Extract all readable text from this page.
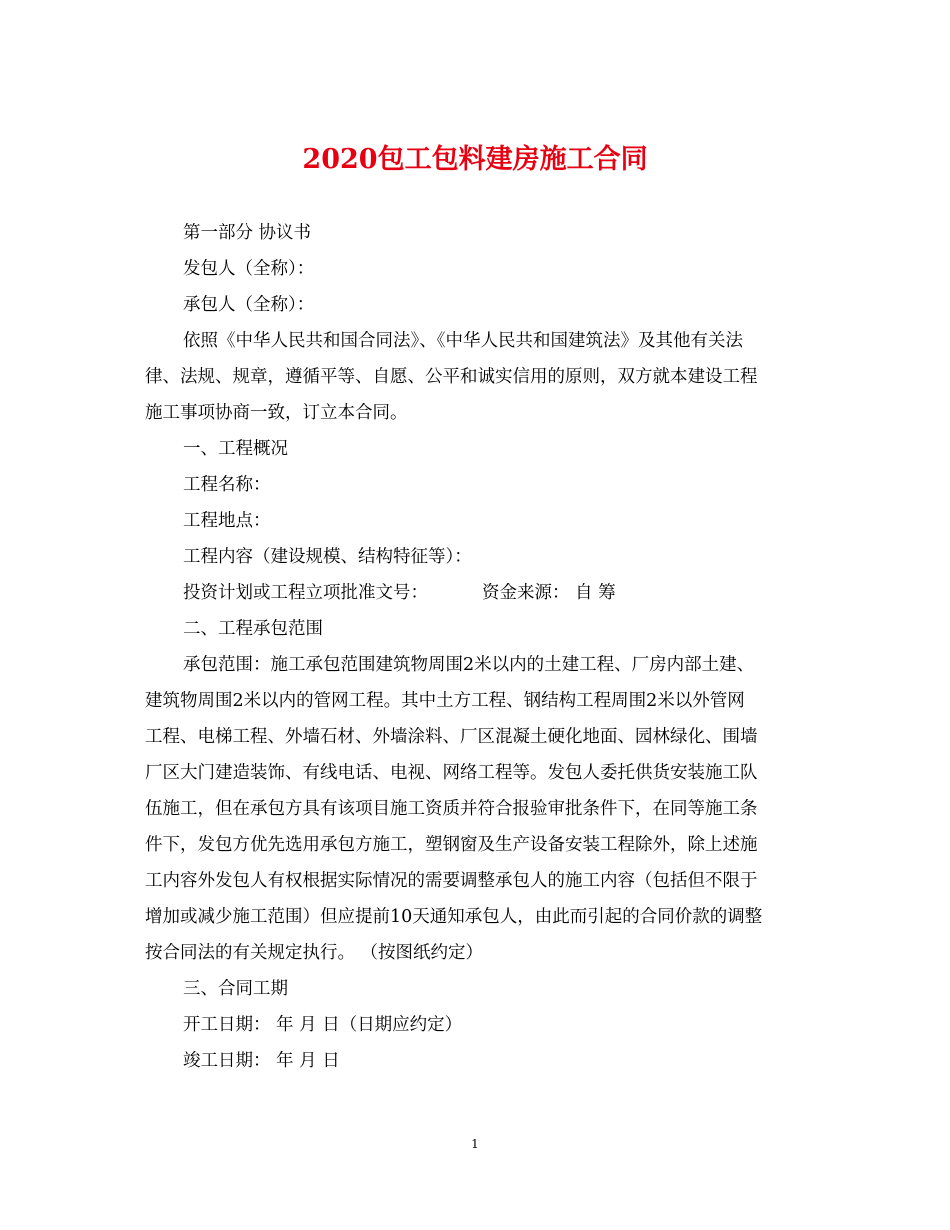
2020包工包料建房施工合同
第一部分 协议书
发包人（全称）：
承包人（全称）：
依照《中华人民共和国合同法》、《中华人民共和国建筑法》及其他有关法
律、法规、规章，遵循平等、自愿、公平和诚实信用的原则，双方就本建设工程
施工事项协商一致，订立本合同。
一、工程概况
工程名称：
工程地点：
工程内容（建设规模、结构特征等）：
投资计划或工程立项批准文号：	资金来源： 自 筹
二、工程承包范围
承包范围：施工承包范围建筑物周围2米以内的土建工程、厂房内部土建、
建筑物周围2米以内的管网工程。其中土方工程、钢结构工程周围2米以外管网
工程、电梯工程、外墙石材、外墙涂料、厂区混凝土硬化地面、园林绿化、围墙
厂区大门建造装饰、有线电话、电视、网络工程等。发包人委托供货安装施工队
伍施工，但在承包方具有该项目施工资质并符合报验审批条件下，在同等施工条
件下，发包方优先选用承包方施工，塑钢窗及生产设备安装工程除外，除上述施
工内容外发包人有权根据实际情况的需要调整承包人的施工内容（包括但不限于
增加或减少施工范围）但应提前10天通知承包人，由此而引起的合同价款的调整
按合同法的有关规定执行。 （按图纸约定）
三、合同工期
开工日期： 年 月 日（日期应约定）
竣工日期： 年 月 日
1
